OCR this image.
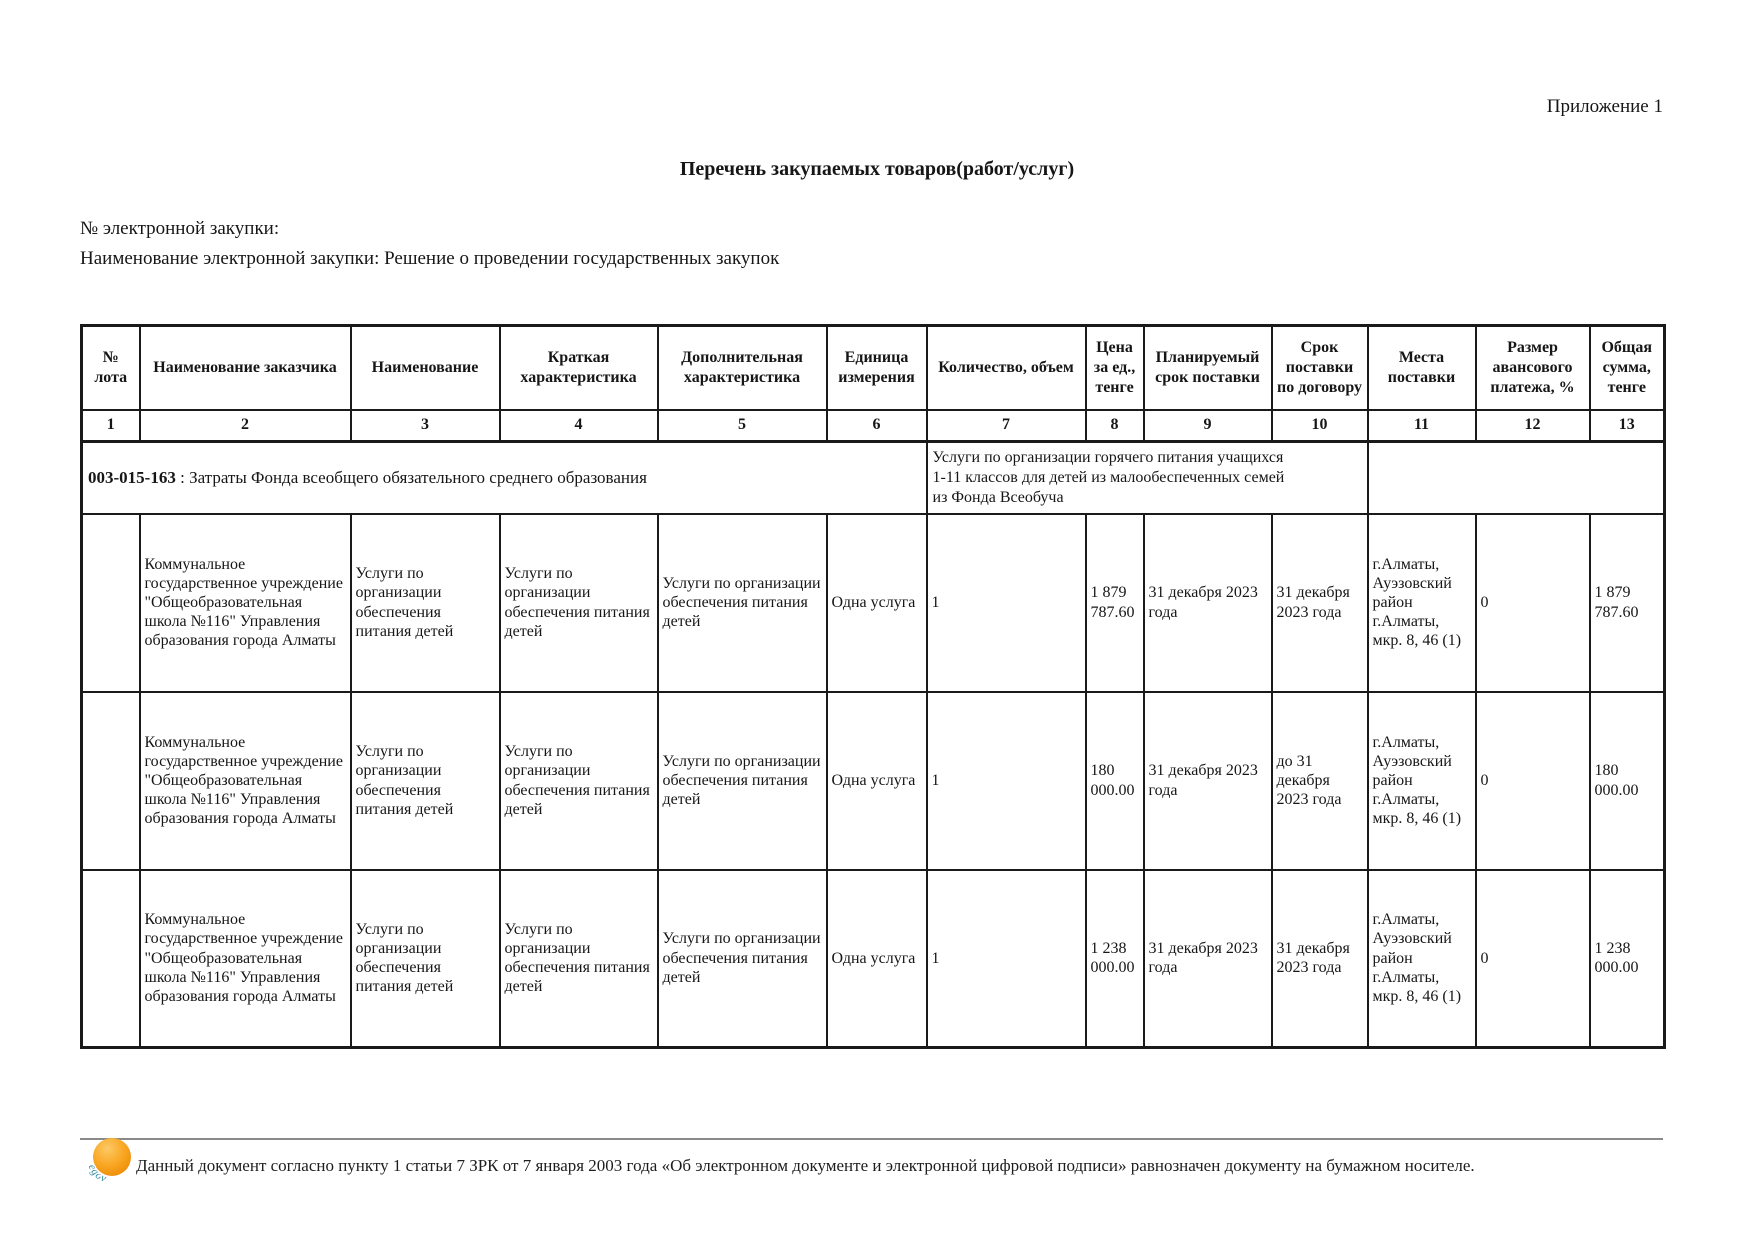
Приложение 1
Перечень закупаемых товаров(работ/услуг)
№ электронной закупки:
Наименование электронной закупки: Решение о проведении государственных закупок
№ лота	Наименование заказчика	Наименование	Краткая характеристика	Дополнительная характеристика	Единица измерения	Количество, объем	Цена за ед., тенге	Планируемый срок поставки	Срок поставки по договору	Места поставки	Размер авансового платежа, %	Общая сумма, тенге
1	2	3	4	5	6	7	8	9	10	11	12	13
003-015-163 : Затраты Фонда всеобщего обязательного среднего образования						Услуги по организации горячего питания учащихся 1-11 классов для детей из малообеспеченных семей из Фонда Всеобуча						

	Коммунальное государственное учреждение "Общеобразовательная школа №116" Управления образования города Алматы	Услуги по организации обеспечения питания детей	Услуги по организации обеспечения питания детей	Услуги по организации обеспечения питания детей	Одна услуга	1	1 879 787.60	31 декабря 2023 года	31 декабря 2023 года	г.Алматы, Ауэзовский район г.Алматы, мкр. 8, 46 (1)	0	1 879 787.60
	Коммунальное государственное учреждение "Общеобразовательная школа №116" Управления образования города Алматы	Услуги по организации обеспечения питания детей	Услуги по организации обеспечения питания детей	Услуги по организации обеспечения питания детей	Одна услуга	1	180 000.00	31 декабря 2023 года	до 31 декабря 2023 года	г.Алматы, Ауэзовский район г.Алматы, мкр. 8, 46 (1)	0	180 000.00
	Коммунальное государственное учреждение "Общеобразовательная школа №116" Управления образования города Алматы	Услуги по организации обеспечения питания детей	Услуги по организации обеспечения питания детей	Услуги по организации обеспечения питания детей	Одна услуга	1	1 238 000.00	31 декабря 2023 года	31 декабря 2023 года	г.Алматы, Ауэзовский район г.Алматы, мкр. 8, 46 (1)	0	1 238 000.00
egov
Данный документ согласно пункту 1 статьи 7 ЗРК от 7 января 2003 года «Об электронном документе и электронной цифровой подписи» равнозначен документу на бумажном носителе.
